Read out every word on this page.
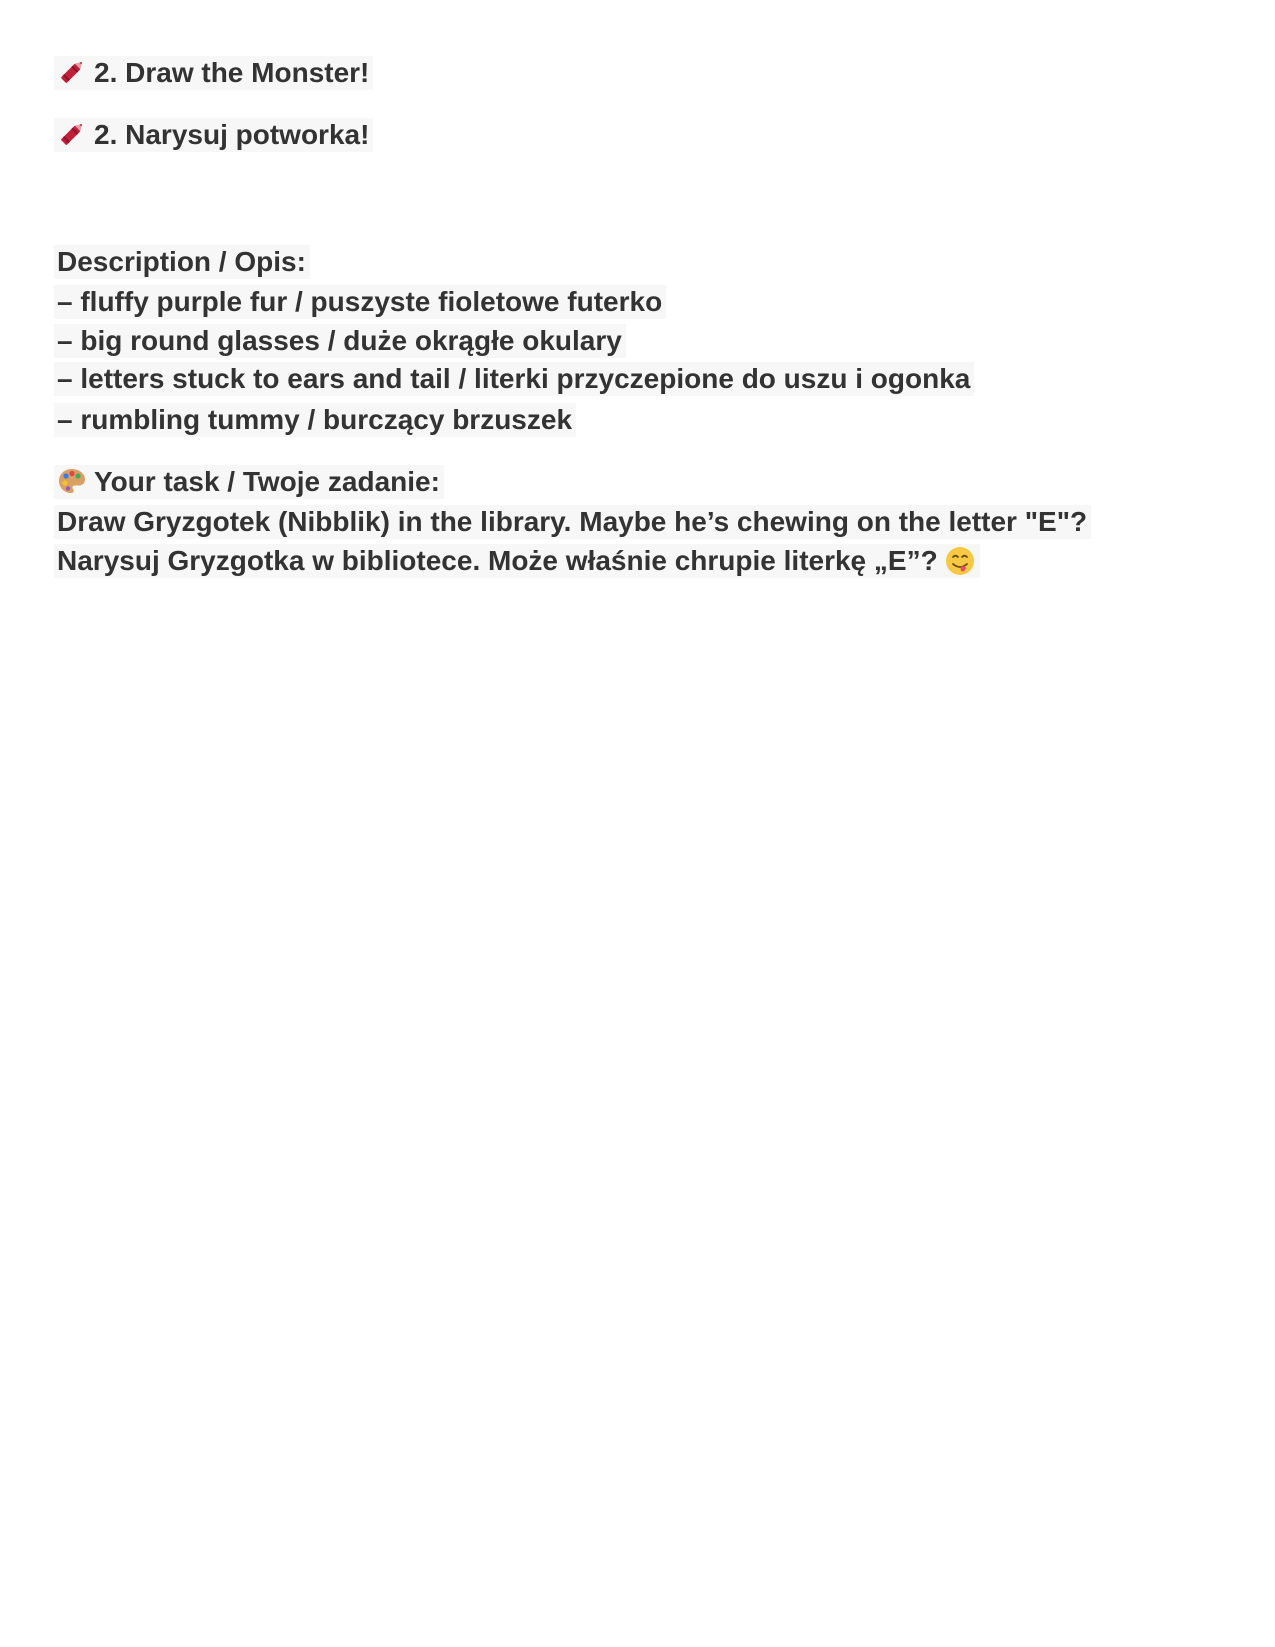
2. Draw the Monster!
2. Narysuj potworka!
Description / Opis:
– fluffy purple fur / puszyste fioletowe futerko
– big round glasses / duże okrągłe okulary
– letters stuck to ears and tail / literki przyczepione do uszu i ogonka
– rumbling tummy / burczący brzuszek
Your task / Twoje zadanie:
Draw Gryzgotek (Nibblik) in the library. Maybe he’s chewing on the letter "E"?
Narysuj Gryzgotka w bibliotece. Może właśnie chrupie literkę „E”?
